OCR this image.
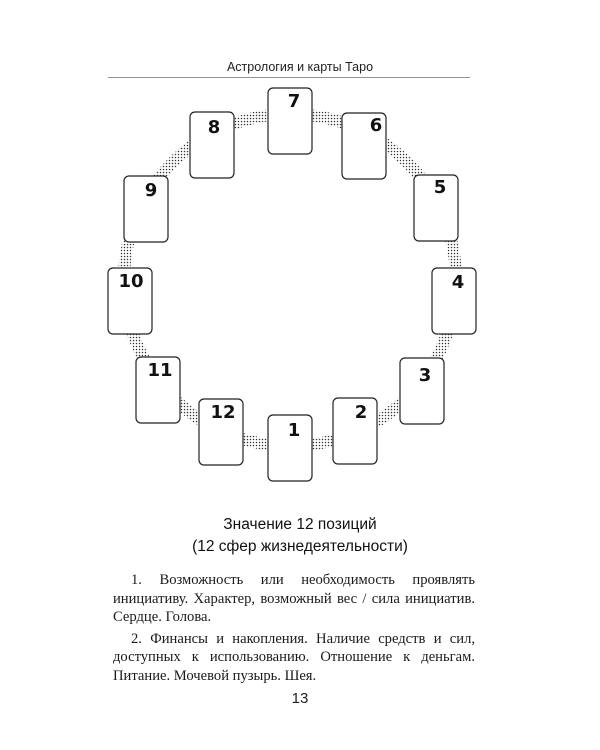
Астрология и карты Таро
1
2
3
4
5
6
7
8
9
10
11
12
Значение 12 позиций
(12 сфер жизнедеятельности)

1. Возможность или необходимость проявлять инициативу. Характер, возможный вес / сила инициатив. Сердце. Голова.

2. Финансы и накопления. Наличие средств и сил, доступных к использованию. Отношение к деньгам. Питание. Мочевой пузырь. Шея.

13
